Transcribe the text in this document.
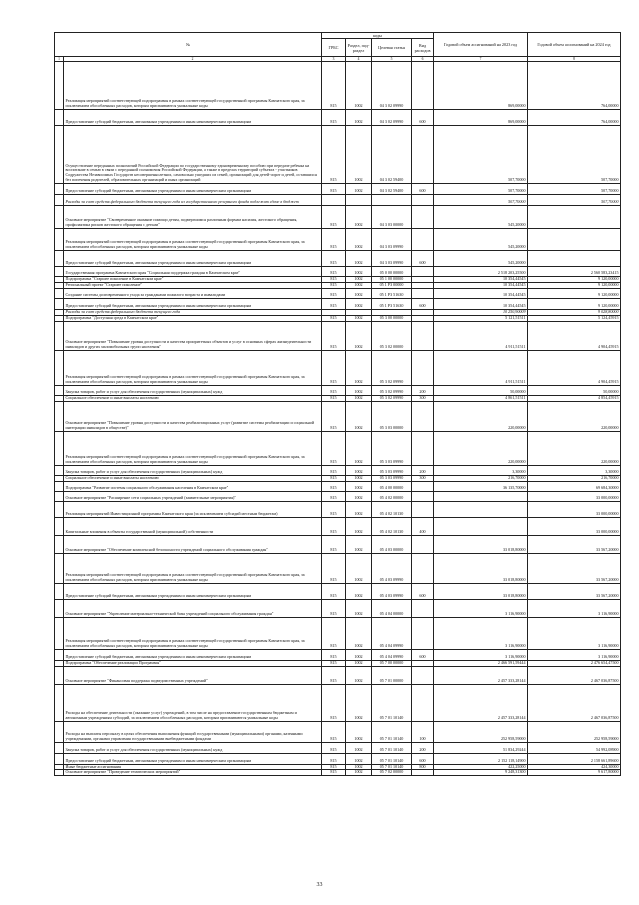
№		коды				Годовой объем ассигнований на 2023 год	Годовой объем ассигнований на 2024 год
		ГРБС	Раздел, под-раздел	Целевая статья	Вид расходов		
1	2	3	4	5	6	7	8
	Реализация мероприятий соответствующей подпрограммы в рамках соответствующей государственной программы Камчатского края, за исключением обособленных расходов, которым присваиваются уникальные коды	815	1002	04 3 02 09990		869,00000	764,00000
	Предоставление субсидий бюджетным, автономным учреждениям и иным некоммерческим организациям	815	1002	04 3 02 09990	600	869,00000	764,00000
	Осуществление переданных полномочий Российской Федерации по государственному единовременному пособию при передаче ребенка на воспитание в семью в связи с переданной полномочия Российской Федерации, а также в пределах территорий субъекта - участников Содружества Независимых Государств несовершеннолетних, самовольно ушедших из семей, организаций для детей-сирот и детей, оставшихся без попечения родителей, образовательных организаций и иных организаций	815	1002	04 3 02 59400		507,70000	507,70000
	Предоставление субсидий бюджетным, автономным учреждениям и иным некоммерческим организациям	815	1002	04 3 02 59400	600	507,70000	507,70000
	Расходы за счет средств федерального бюджета текущего года из государственного резервного фонда подлежат сдаче в бюджет					507,70000	507,70000
	Основное мероприятие "Своевременное оказание помощи детям, подвергшимся различным формам насилия, жестокого обращения, профилактика рисков жестокого обращения с детьми"	815	1002	04 3 03 00000		545,20000	
	Реализация мероприятий соответствующей подпрограммы в рамках соответствующей государственной программы Камчатского края, за исключением обособленных расходов, которым присваиваются уникальные коды	815	1002	04 3 03 09990		545,20000	
	Предоставление субсидий бюджетным, автономным учреждениям и иным некоммерческим организациям	815	1002	04 3 03 09990	600	545,20000	
	Государственная программа Камчатского края "Социальная поддержка граждан в Камчатском крае"	815	1002	05 0 00 00000		2 518 203,25500	2 560 583,23415
	Подпрограмма "Старшее поколение в Камчатском крае"	815	1002	05 1 00 00000		10 354,44545	9 120,00000
	Региональный проект "Старшее поколение"	815	1002	05 1 P3 00000		10 354,44545	9 120,00000
	Создание системы долговременного ухода за гражданами пожилого возраста и инвалидами	815	1002	05 1 P3 51630		10 354,44545	9 120,00000
	Предоставление субсидий бюджетным, автономным учреждениям и иным некоммерческим организациям	815	1002	05 1 P3 51630	600	10 354,44545	9 120,00000
	Расходы за счет средств федерального бюджета текущего года					10 250,90009	9 028,80000
	Подпрограмма "Доступная среда в Камчатском крае"	815	1002	05 3 00 00000		5 121,51511	5 124,45915
	Основное мероприятие "Повышение уровня доступности и качества приоритетных объектов и услуг в основных сферах жизнедеятельности инвалидов и других маломобильных групп населения"	815	1002	05 3 02 00000		4 911,51511	4 904,45915
	Реализация мероприятий соответствующей подпрограммы в рамках соответствующей государственной программы Камчатского края, за исключением обособленных расходов, которым присваиваются уникальные коды	815	1002	05 3 02 09990		4 911,51511	4 904,45915
	Закупка товаров, работ и услуг для обеспечения государственных (муниципальных) нужд	815	1002	05 3 02 09990	200	50,00000	50,00000
	Социальное обеспечение и иные выплаты населению	815	1002	05 3 02 09990	300	4 861,51511	4 854,45915
	Основное мероприятие "Повышение уровня доступности и качества реабилитационных услуг (развитие системы реабилитации и социальной интеграции инвалидов в обществе)"	815	1002	05 3 03 00000		220,00000	220,00000
	Реализация мероприятий соответствующей подпрограммы в рамках соответствующей государственной программы Камчатского края, за исключением обособленных расходов, которым присваиваются уникальные коды	815	1002	05 3 03 09990		220,00000	220,00000
	Закупка товаров, работ и услуг для обеспечения государственных (муниципальных) нужд	815	1002	05 3 03 09990	200	3,30000	3,30000
	Социальное обеспечение и иные выплаты населению	815	1002	05 3 03 09990	300	216,70000	216,70000
	Подпрограмма "Развитие системы социального обслуживания населения в Камчатском крае"	815	1002	05 4 00 00000		36 135,70000	69 684,30000
	Основное мероприятие "Расширение сети социальных учреждений (заявительные мероприятия)"	815	1002	05 4 02 00000			33 000,00000
	Реализация мероприятий Инвестиционной программы Камчатского края (за исключением субсидий местным бюджетам)	815	1002	05 4 02 10130			33 000,00000
	Капитальные вложения в объекты государственной (муниципальной) собственности	815	1002	05 4 02 10130	400		33 000,00000
	Основное мероприятие "Обеспечение комплексной безопасности учреждений социального обслуживания граждан"	815	1002	05 4 03 00000		33 018,80000	33 567,20000
	Реализация мероприятий соответствующей подпрограммы в рамках соответствующей государственной программы Камчатского края, за исключением обособленных расходов, которым присваиваются уникальные коды	815	1002	05 4 03 09990		33 018,80000	33 567,20000
	Предоставление субсидий бюджетным, автономным учреждениям и иным некоммерческим организациям	815	1002	05 4 03 09990	600	33 018,80000	33 567,20000
	Основное мероприятие "Укрепление материально-технической базы учреждений социального обслуживания граждан"	815	1002	05 4 04 00000		3 116,90000	3 116,90000
	Реализация мероприятий соответствующей подпрограммы в рамках соответствующей государственной программы Камчатского края, за исключением обособленных расходов, которым присваиваются уникальные коды	815	1002	05 4 04 09990		3 116,90000	3 116,90000
	Предоставление субсидий бюджетным, автономным учреждениям и иным некоммерческим организациям	815	1002	05 4 04 09990	600	3 116,90000	3 116,90000
	Подпрограмма "Обеспечение реализации Программы"	815	1002	05 7 00 00000		2 466 591,59444	2 476 654,47500
	Основное мероприятие "Финансовая поддержка подведомственных учреждений"	815	1002	05 7 01 00000		2 457 333,28144	2 467 036,87500
	Расходы на обеспечение деятельности (оказание услуг) учреждений, в том числе на предоставление государственным бюджетным и автономным учреждениям субсидий, за исключением обособленных расходов, которым присваиваются уникальные коды	815	1002	05 7 01 10140		2 457 333,28144	2 467 036,87500
	Расходы на выплаты персоналу в целях обеспечения выполнения функций государственными (муниципальными) органами, казенными учреждениями, органами управления государственными внебюджетными фондами	815	1002	05 7 01 10140	100	252 958,59000	252 958,59000
	Закупка товаров, работ и услуг для обеспечения государственных (муниципальных) нужд	815	1002	05 7 01 10140	200	51 834,29244	54 992,08900
	Предоставление субсидий бюджетным, автономным учреждениям и иным некоммерческим организациям	815	1002	05 7 01 10140	600	2 152 118,14900	2 158 661,89600
	Иные бюджетные ассигнования	815	1002	05 7 01 10140	800	422,25000	424,30000
	Основное мероприятие "Проведение тематических мероприятий"	815	1002	05 7 02 00000		9 248,31300	9 617,80000
33
